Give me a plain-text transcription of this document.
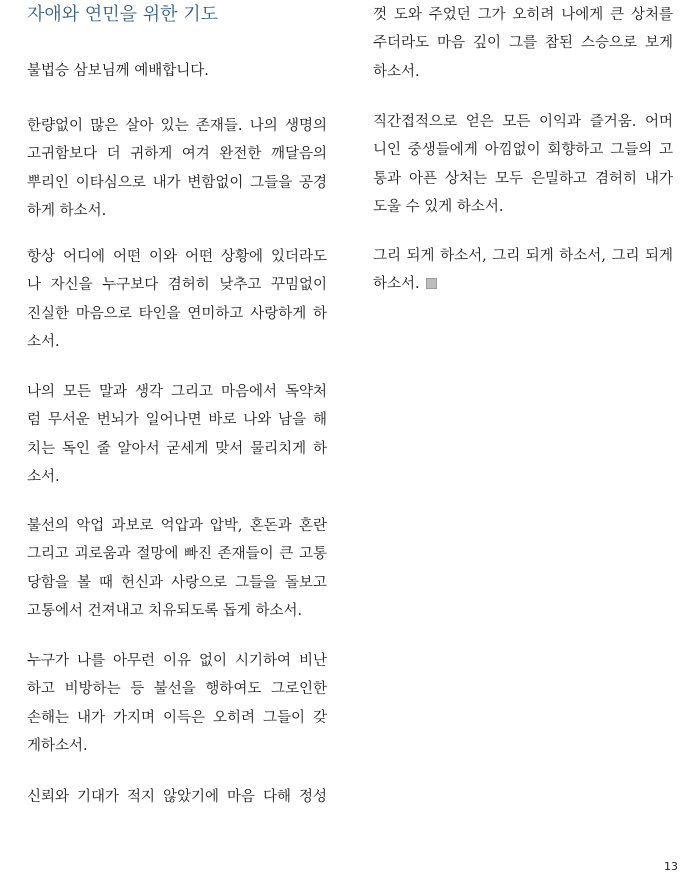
자애와 연민을 위한 기도

불법승 삼보님께 예배합니다.

한량없이 많은 살아 있는 존재들. 나의 생명의
고귀함보다 더 귀하게 여겨 완전한 깨달음의
뿌리인 이타심으로 내가 변함없이 그들을 공경
하게 하소서.

항상 어디에 어떤 이와 어떤 상황에 있더라도
나 자신을 누구보다 겸허히 낮추고 꾸밈없이
진실한 마음으로 타인을 연미하고 사랑하게 하
소서.

나의 모든 말과 생각 그리고 마음에서 독약처
럼 무서운 번뇌가 일어나면 바로 나와 남을 해
치는 독인 줄 알아서 굳세게 맞서 물리치게 하
소서.

불선의 악업 과보로 억압과 압박, 혼돈과 혼란
그리고 괴로움과 절망에 빠진 존재들이 큰 고통
당함을 볼 때 헌신과 사랑으로 그들을 돌보고
고통에서 건져내고 치유되도록 돕게 하소서.

누구가 나를 아무런 이유 없이 시기하여 비난
하고 비방하는 등 불선을 행하여도 그로인한
손해는 내가 가지며 이득은 오히려 그들이 갖
게하소서.

신뢰와 기대가 적지 않았기에 마음 다해 정성

껏 도와 주었던 그가 오히려 나에게 큰 상처를
주더라도 마음 깊이 그를 참된 스승으로 보게
하소서.

직간접적으로 얻은 모든 이익과 즐거움. 어머
니인 중생들에게 아낌없이 회향하고 그들의 고
통과 아픈 상처는 모두 은밀하고 겸허히 내가
도울 수 있게 하소서.

그리 되게 하소서, 그리 되게 하소서, 그리 되게
하소서.

13
